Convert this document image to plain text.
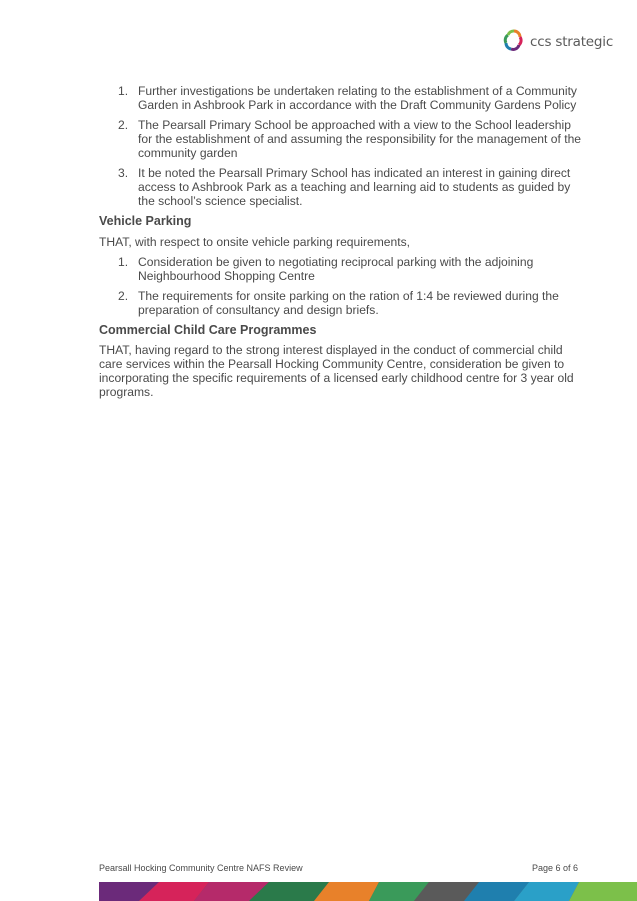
ccs strategic
1. Further investigations be undertaken relating to the establishment of a Community Garden in Ashbrook Park in accordance with the Draft Community Gardens Policy
2. The Pearsall Primary School be approached with a view to the School leadership for the establishment of and assuming the responsibility for the management of the community garden
3. It be noted the Pearsall Primary School has indicated an interest in gaining direct access to Ashbrook Park as a teaching and learning aid to students as guided by the school’s science specialist.
Vehicle Parking

THAT, with respect to onsite vehicle parking requirements,

1. Consideration be given to negotiating reciprocal parking with the adjoining Neighbourhood Shopping Centre
2. The requirements for onsite parking on the ration of 1:4 be reviewed during the preparation of consultancy and design briefs.
Commercial Child Care Programmes

THAT, having regard to the strong interest displayed in the conduct of commercial child care services within the Pearsall Hocking Community Centre, consideration be given to incorporating the specific requirements of a licensed early childhood centre for 3 year old programs.

Pearsall Hocking Community Centre NAFS Review	Page 6 of 6
